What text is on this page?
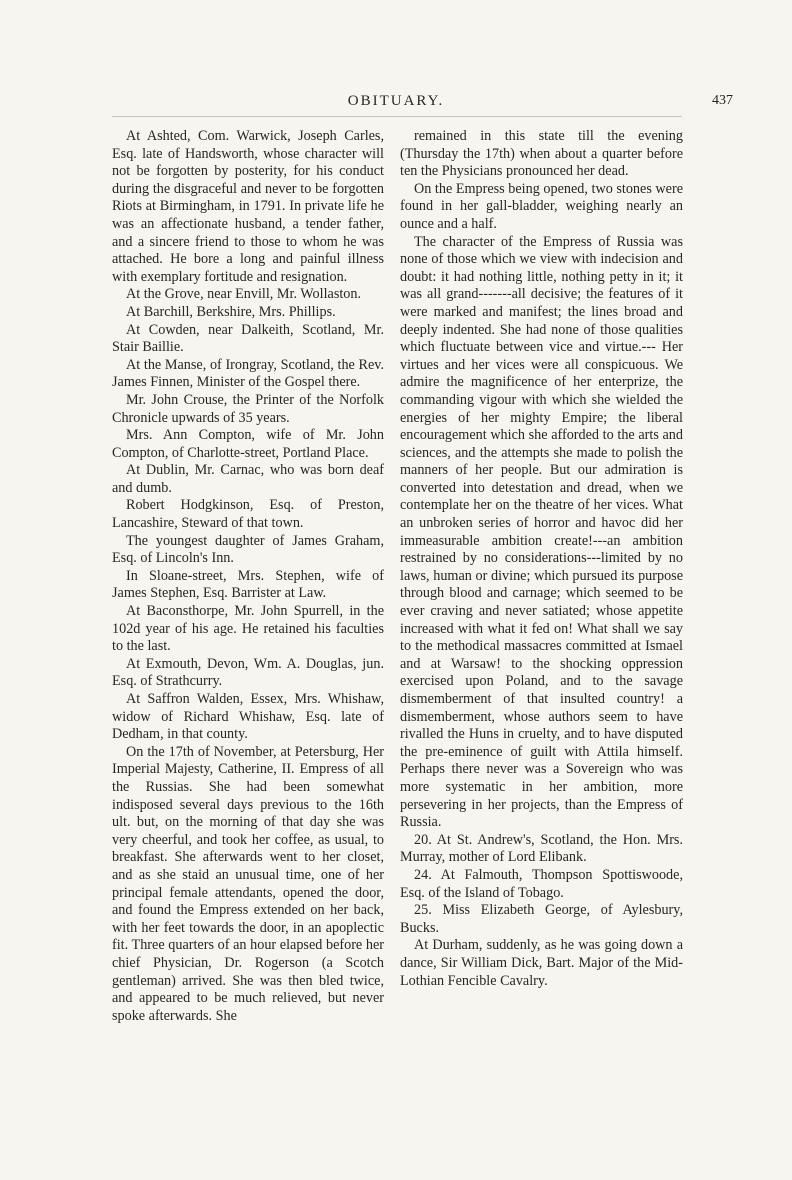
OBITUARY.	437

At Ashted, Com. Warwick, Joseph Carles, Esq. late of Handsworth, whose character will not be forgotten by posterity, for his conduct during the disgraceful and never to be forgotten Riots at Birmingham, in 1791. In private life he was an affectionate husband, a tender father, and a sincere friend to those to whom he was attached. He bore a long and painful illness with exemplary fortitude and resignation.

At the Grove, near Envill, Mr. Wollaston.

At Barchill, Berkshire, Mrs. Phillips.

At Cowden, near Dalkeith, Scotland, Mr. Stair Baillie.

At the Manse, of Irongray, Scotland, the Rev. James Finnen, Minister of the Gospel there.

Mr. John Crouse, the Printer of the Norfolk Chronicle upwards of 35 years.

Mrs. Ann Compton, wife of Mr. John Compton, of Charlotte-street, Portland Place.

At Dublin, Mr. Carnac, who was born deaf and dumb.

Robert Hodgkinson, Esq. of Preston, Lancashire, Steward of that town.

The youngest daughter of James Graham, Esq. of Lincoln's Inn.

In Sloane-street, Mrs. Stephen, wife of James Stephen, Esq. Barrister at Law.

At Baconsthorpe, Mr. John Spurrell, in the 102d year of his age. He retained his faculties to the last.

At Exmouth, Devon, Wm. A. Douglas, jun. Esq. of Strathcurry.

At Saffron Walden, Essex, Mrs. Whishaw, widow of Richard Whishaw, Esq. late of Dedham, in that county.

On the 17th of November, at Petersburg, Her Imperial Majesty, Catherine, II. Empress of all the Russias. She had been somewhat indisposed several days previous to the 16th ult. but, on the morning of that day she was very cheerful, and took her coffee, as usual, to breakfast. She afterwards went to her closet, and as she staid an unusual time, one of her principal female attendants, opened the door, and found the Empress extended on her back, with her feet towards the door, in an apoplectic fit. Three quarters of an hour elapsed before her chief Physician, Dr. Rogerson (a Scotch gentleman) arrived. She was then bled twice, and appeared to be much relieved, but never spoke afterwards. She

remained in this state till the evening (Thursday the 17th) when about a quarter before ten the Physicians pronounced her dead.

On the Empress being opened, two stones were found in her gall-bladder, weighing nearly an ounce and a half.

The character of the Empress of Russia was none of those which we view with indecision and doubt: it had nothing little, nothing petty in it; it was all grand-------all decisive; the features of it were marked and manifest; the lines broad and deeply indented. She had none of those qualities which fluctuate between vice and virtue.--- Her virtues and her vices were all conspicuous. We admire the magnificence of her enterprize, the commanding vigour with which she wielded the energies of her mighty Empire; the liberal encouragement which she afforded to the arts and sciences, and the attempts she made to polish the manners of her people. But our admiration is converted into detestation and dread, when we contemplate her on the theatre of her vices. What an unbroken series of horror and havoc did her immeasurable ambition create!---an ambition restrained by no considerations---limited by no laws, human or divine; which pursued its purpose through blood and carnage; which seemed to be ever craving and never satiated; whose appetite increased with what it fed on! What shall we say to the methodical massacres committed at Ismael and at Warsaw! to the shocking oppression exercised upon Poland, and to the savage dismemberment of that insulted country! a dismemberment, whose authors seem to have rivalled the Huns in cruelty, and to have disputed the pre-eminence of guilt with Attila himself. Perhaps there never was a Sovereign who was more systematic in her ambition, more persevering in her projects, than the Empress of Russia.

20. At St. Andrew's, Scotland, the Hon. Mrs. Murray, mother of Lord Elibank.

24. At Falmouth, Thompson Spottiswoode, Esq. of the Island of Tobago.

25. Miss Elizabeth George, of Aylesbury, Bucks.

At Durham, suddenly, as he was going down a dance, Sir William Dick, Bart. Major of the Mid-Lothian Fencible Cavalry.
